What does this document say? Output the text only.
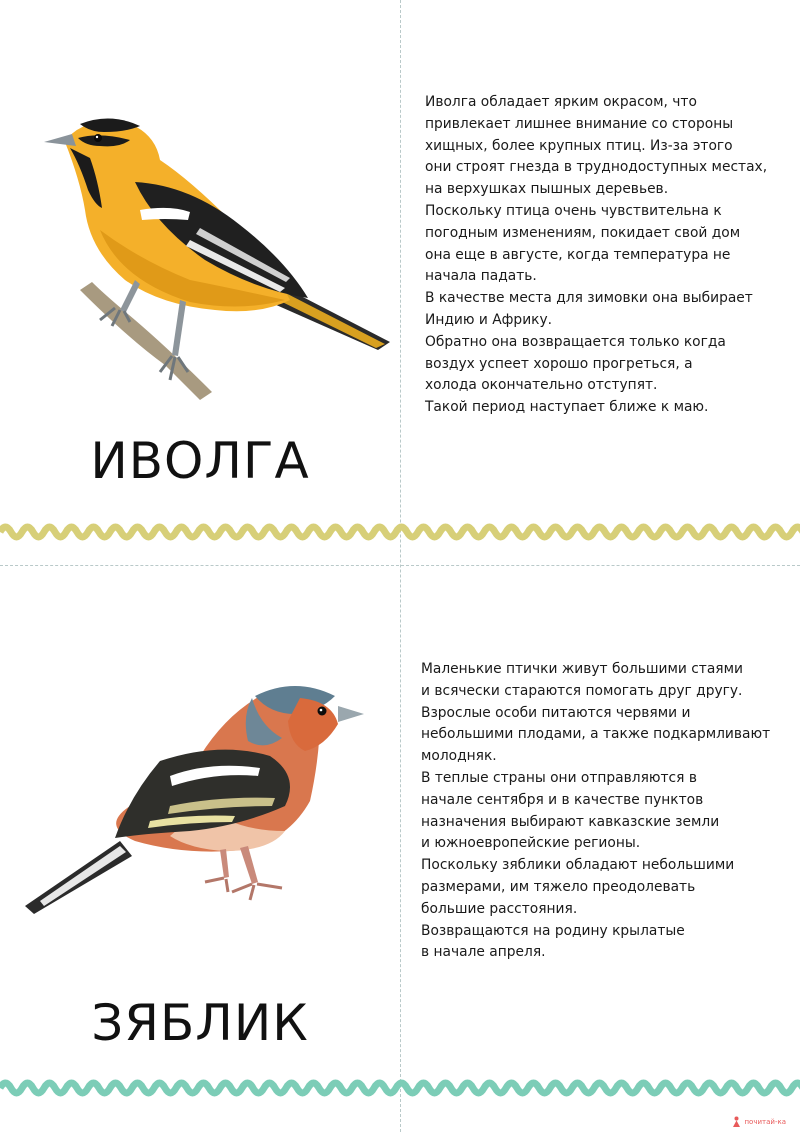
ИВОЛГА
Иволга обладает ярким окрасом, что
привлекает лишнее внимание со стороны
хищных, более крупных птиц. Из-за этого
они строят гнезда в труднодоступных местах,
на верхушках пышных деревьев.
Поскольку птица очень чувствительна к
погодным изменениям, покидает свой дом
она еще в августе, когда температура не
начала падать.
В качестве места для зимовки она выбирает
Индию и Африку.
Обратно она возвращается только когда
воздух успеет хорошо прогреться, а
холода окончательно отступят.
Такой период наступает ближе к маю.
ЗЯБЛИК
Маленькие птички живут большими стаями
и всячески стараются помогать друг другу.
Взрослые особи питаются червями и
небольшими плодами, а также подкармливают
молодняк.
В теплые страны они отправляются в
начале сентября и в качестве пунктов
назначения выбирают кавказские земли
и южноевропейские регионы.
Поскольку зяблики обладают небольшими
размерами, им тяжело преодолевать
большие расстояния.
Возвращаются на родину крылатые
в начале апреля.
почитай-ка
